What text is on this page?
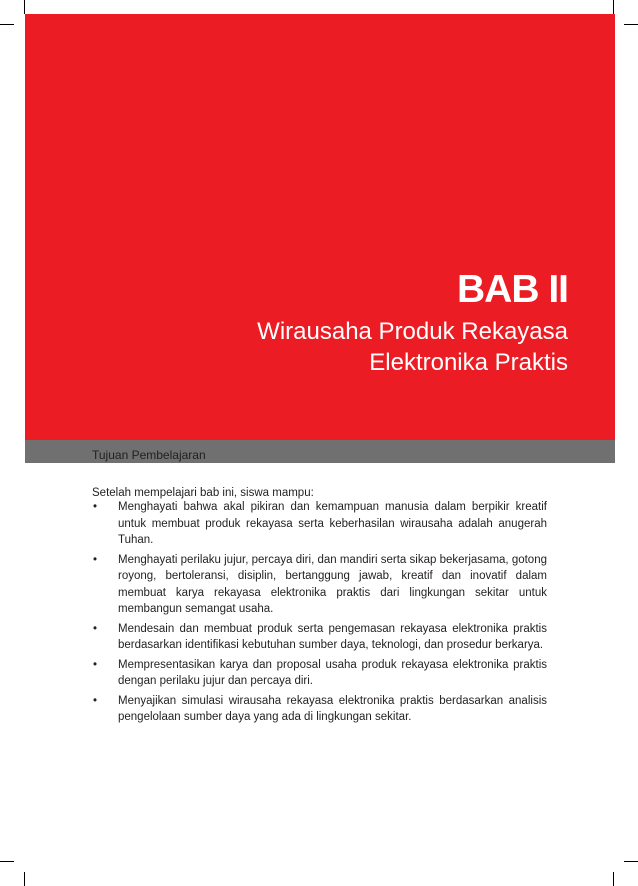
BAB II
Wirausaha Produk Rekayasa
Elektronika Praktis
Tujuan Pembelajaran
Setelah mempelajari bab ini, siswa mampu:
• Menghayati bahwa akal pikiran dan kemampuan manusia dalam berpikir kreatif untuk membuat produk rekayasa serta keberhasilan wirausaha adalah anugerah Tuhan.
• Menghayati perilaku jujur, percaya diri, dan mandiri serta sikap bekerjasama, gotong royong, bertoleransi, disiplin, bertanggung jawab, kreatif dan inovatif dalam membuat karya rekayasa elektronika praktis dari lingkungan sekitar untuk membangun semangat usaha.
• Mendesain dan membuat produk serta pengemasan rekayasa elektronika praktis berdasarkan identifikasi kebutuhan sumber daya, teknologi, dan prosedur berkarya.
• Mempresentasikan karya dan proposal usaha produk rekayasa elektronika praktis dengan perilaku jujur dan percaya diri.
• Menyajikan simulasi wirausaha rekayasa elektronika praktis berdasarkan analisis pengelolaan sumber daya yang ada di lingkungan sekitar.
